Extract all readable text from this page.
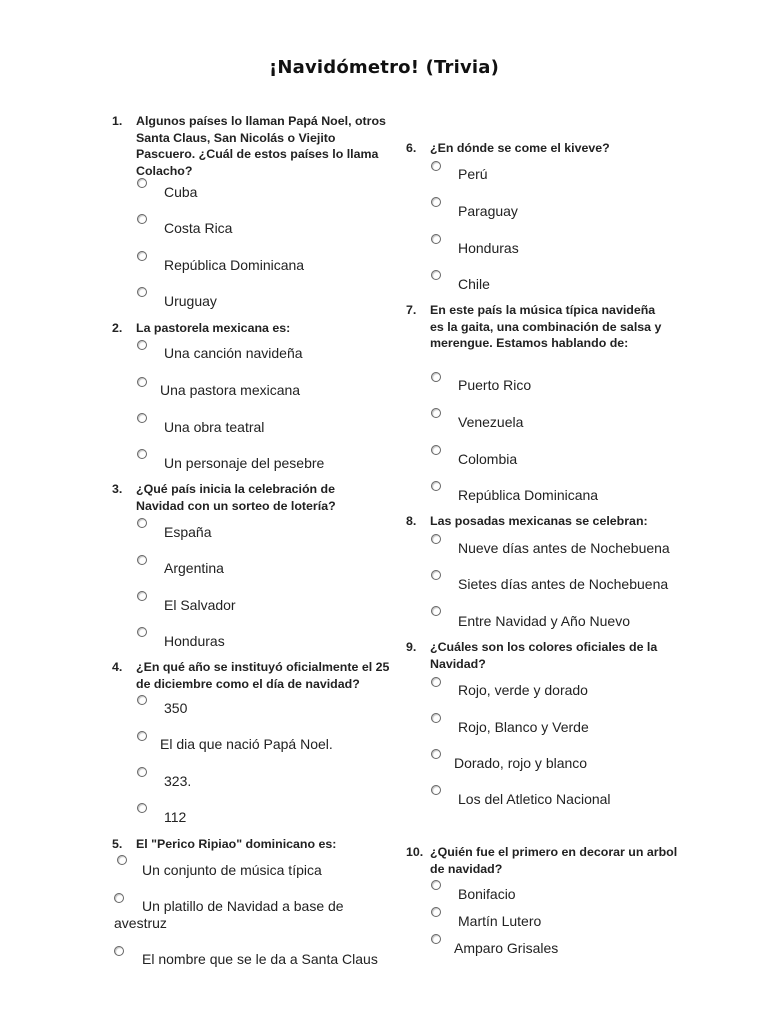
¡Navidómetro! (Trivia)
1. Algunos países lo llaman Papá Noel, otros Santa Claus, San Nicolás o Viejito Pascuero. ¿Cuál de estos países lo llama Colacho?
Cuba
Costa Rica
República Dominicana
Uruguay
2. La pastorela mexicana es:
Una canción navideña
Una pastora mexicana
Una obra teatral
Un personaje del pesebre
3. ¿Qué país inicia la celebración de Navidad con un sorteo de lotería?
España
Argentina
El Salvador
Honduras
4. ¿En qué año se instituyó oficialmente el 25 de diciembre como el día de navidad?
350
El dia que nació Papá Noel.
323.
112
5. El "Perico Ripiao" dominicano es:
Un conjunto de música típica
Un platillo de Navidad a base de avestruz
El nombre que se le da a Santa Claus
6. ¿En dónde se come el kiveve?
Perú
Paraguay
Honduras
Chile
7. En este país la música típica navideña es la gaita, una combinación de salsa y merengue. Estamos hablando de:
Puerto Rico
Venezuela
Colombia
República Dominicana
8. Las posadas mexicanas se celebran:
Nueve días antes de Nochebuena
Sietes días antes de Nochebuena
Entre Navidad y Año Nuevo
9. ¿Cuáles son los colores oficiales de la Navidad?
Rojo, verde y dorado
Rojo, Blanco y Verde
Dorado, rojo y blanco
Los del Atletico Nacional
10. ¿Quién fue el primero en decorar un arbol de navidad?
Bonifacio
Martín Lutero
Amparo Grisales
